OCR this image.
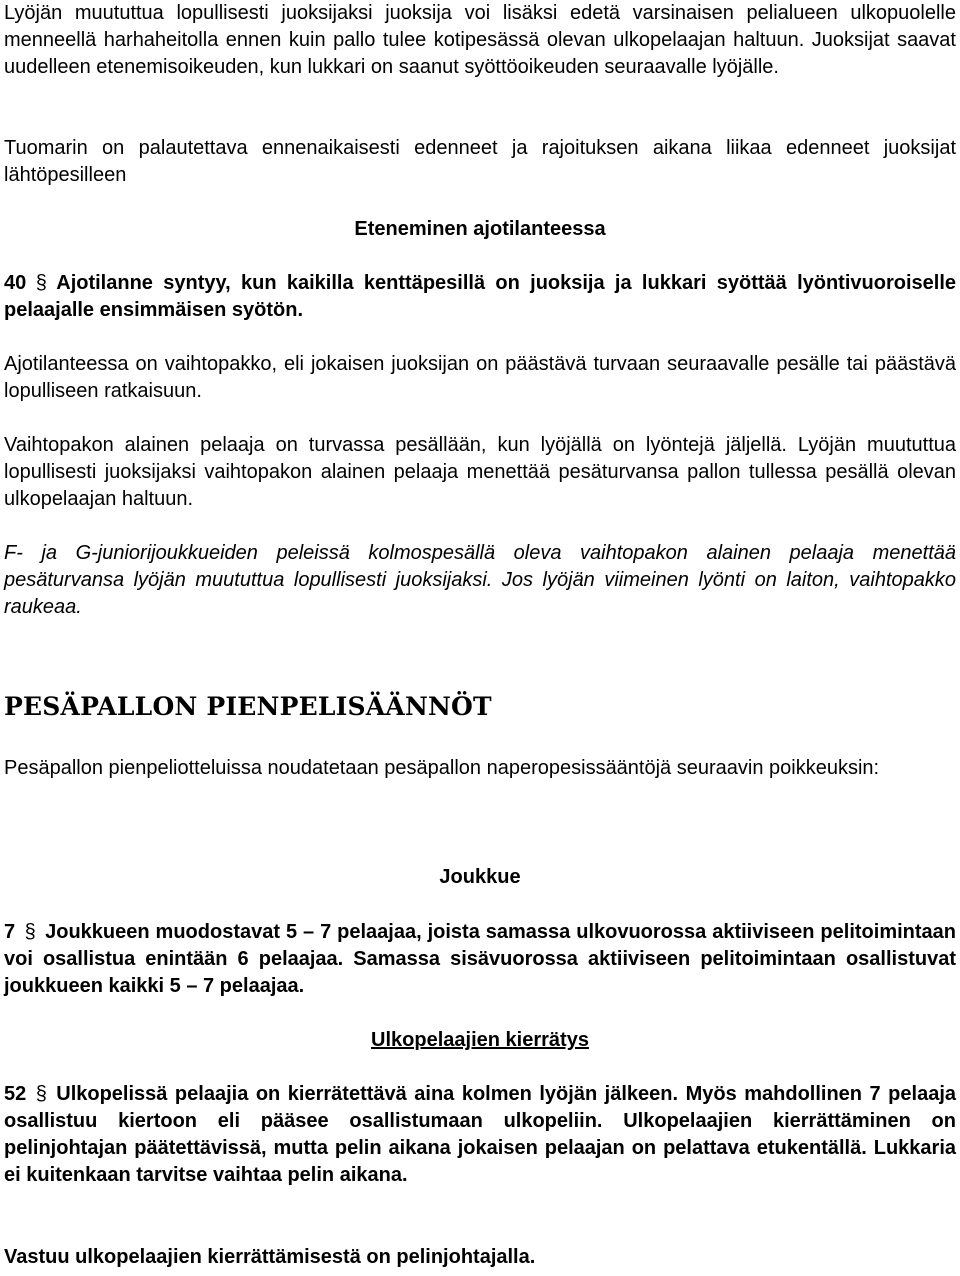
Lyöjän muututtua lopullisesti juoksijaksi juoksija voi lisäksi edetä varsinaisen pelialueen ulkopuolelle menneellä harhaheitolla ennen kuin pallo tulee kotipesässä olevan ulkopelaajan haltuun. Juoksijat saavat uudelleen etenemisoikeuden, kun lukkari on saanut syöttöoikeuden seuraavalle lyöjälle.

Tuomarin on palautettava ennenaikaisesti edenneet ja rajoituksen aikana liikaa edenneet juoksijat lähtöpesilleen

Eteneminen ajotilanteessa

40 § Ajotilanne syntyy, kun kaikilla kenttäpesillä on juoksija ja lukkari syöttää lyöntivuoroiselle pelaajalle ensimmäisen syötön.

Ajotilanteessa on vaihtopakko, eli jokaisen juoksijan on päästävä turvaan seuraavalle pesälle tai päästävä lopulliseen ratkaisuun.

Vaihtopakon alainen pelaaja on turvassa pesällään, kun lyöjällä on lyöntejä jäljellä. Lyöjän muututtua lopullisesti juoksijaksi vaihtopakon alainen pelaaja menettää pesäturvansa pallon tullessa pesällä olevan ulkopelaajan haltuun.

F- ja G-juniorijoukkueiden peleissä kolmospesällä oleva vaihtopakon alainen pelaaja menettää pesäturvansa lyöjän muututtua lopullisesti juoksijaksi. Jos lyöjän viimeinen lyönti on laiton, vaihtopakko raukeaa.

PESÄPALLON PIENPELISÄÄNNÖT

Pesäpallon pienpeliotteluissa noudatetaan pesäpallon naperopesissääntöjä seuraavin poikkeuksin:

Joukkue

7 § Joukkueen muodostavat 5 – 7 pelaajaa, joista samassa ulkovuorossa aktiiviseen pelitoimintaan voi osallistua enintään 6 pelaajaa. Samassa sisävuorossa aktiiviseen pelitoimintaan osallistuvat joukkueen kaikki 5 – 7 pelaajaa.

Ulkopelaajien kierrätys

52 § Ulkopelissä pelaajia on kierrätettävä aina kolmen lyöjän jälkeen. Myös mahdollinen 7 pelaaja osallistuu kiertoon eli pääsee osallistumaan ulkopeliin. Ulkopelaajien kierrättäminen on pelinjohtajan päätettävissä, mutta pelin aikana jokaisen pelaajan on pelattava etukentällä. Lukkaria ei kuitenkaan tarvitse vaihtaa pelin aikana.

Vastuu ulkopelaajien kierrättämisestä on pelinjohtajalla.
